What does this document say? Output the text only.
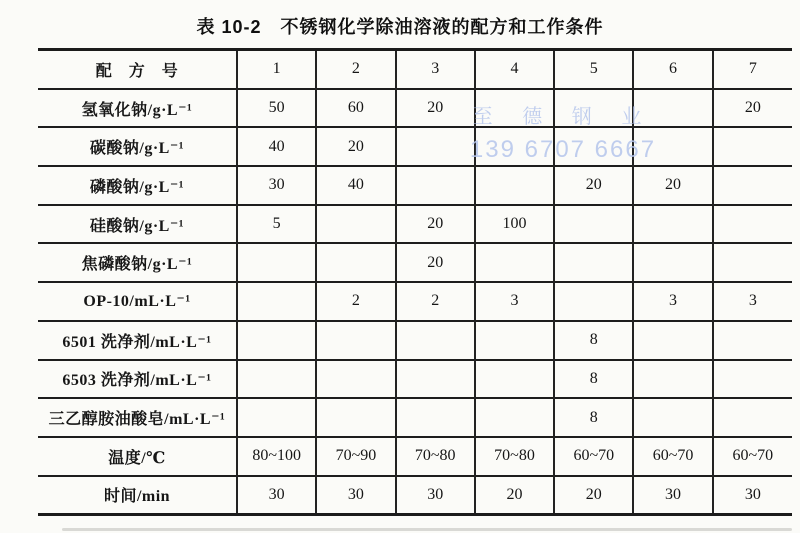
表 10-2　不锈钢化学除油溶液的配方和工作条件
配　方　号	1	2	3	4	5	6	7
氢氧化钠/g·L⁻¹	50	60	20				20
碳酸钠/g·L⁻¹	40	20					
磷酸钠/g·L⁻¹	30	40			20	20	
硅酸钠/g·L⁻¹	5		20	100			
焦磷酸钠/g·L⁻¹			20				
OP-10/mL·L⁻¹		2	2	3		3	3
6501 洗净剂/mL·L⁻¹					8		
6503 洗净剂/mL·L⁻¹					8		
三乙醇胺油酸皂/mL·L⁻¹					8		
温度/℃	80~100	70~90	70~80	70~80	60~70	60~70	60~70
时间/min	30	30	30	20	20	30	30
至 德 钢 业
139 6707 6667
